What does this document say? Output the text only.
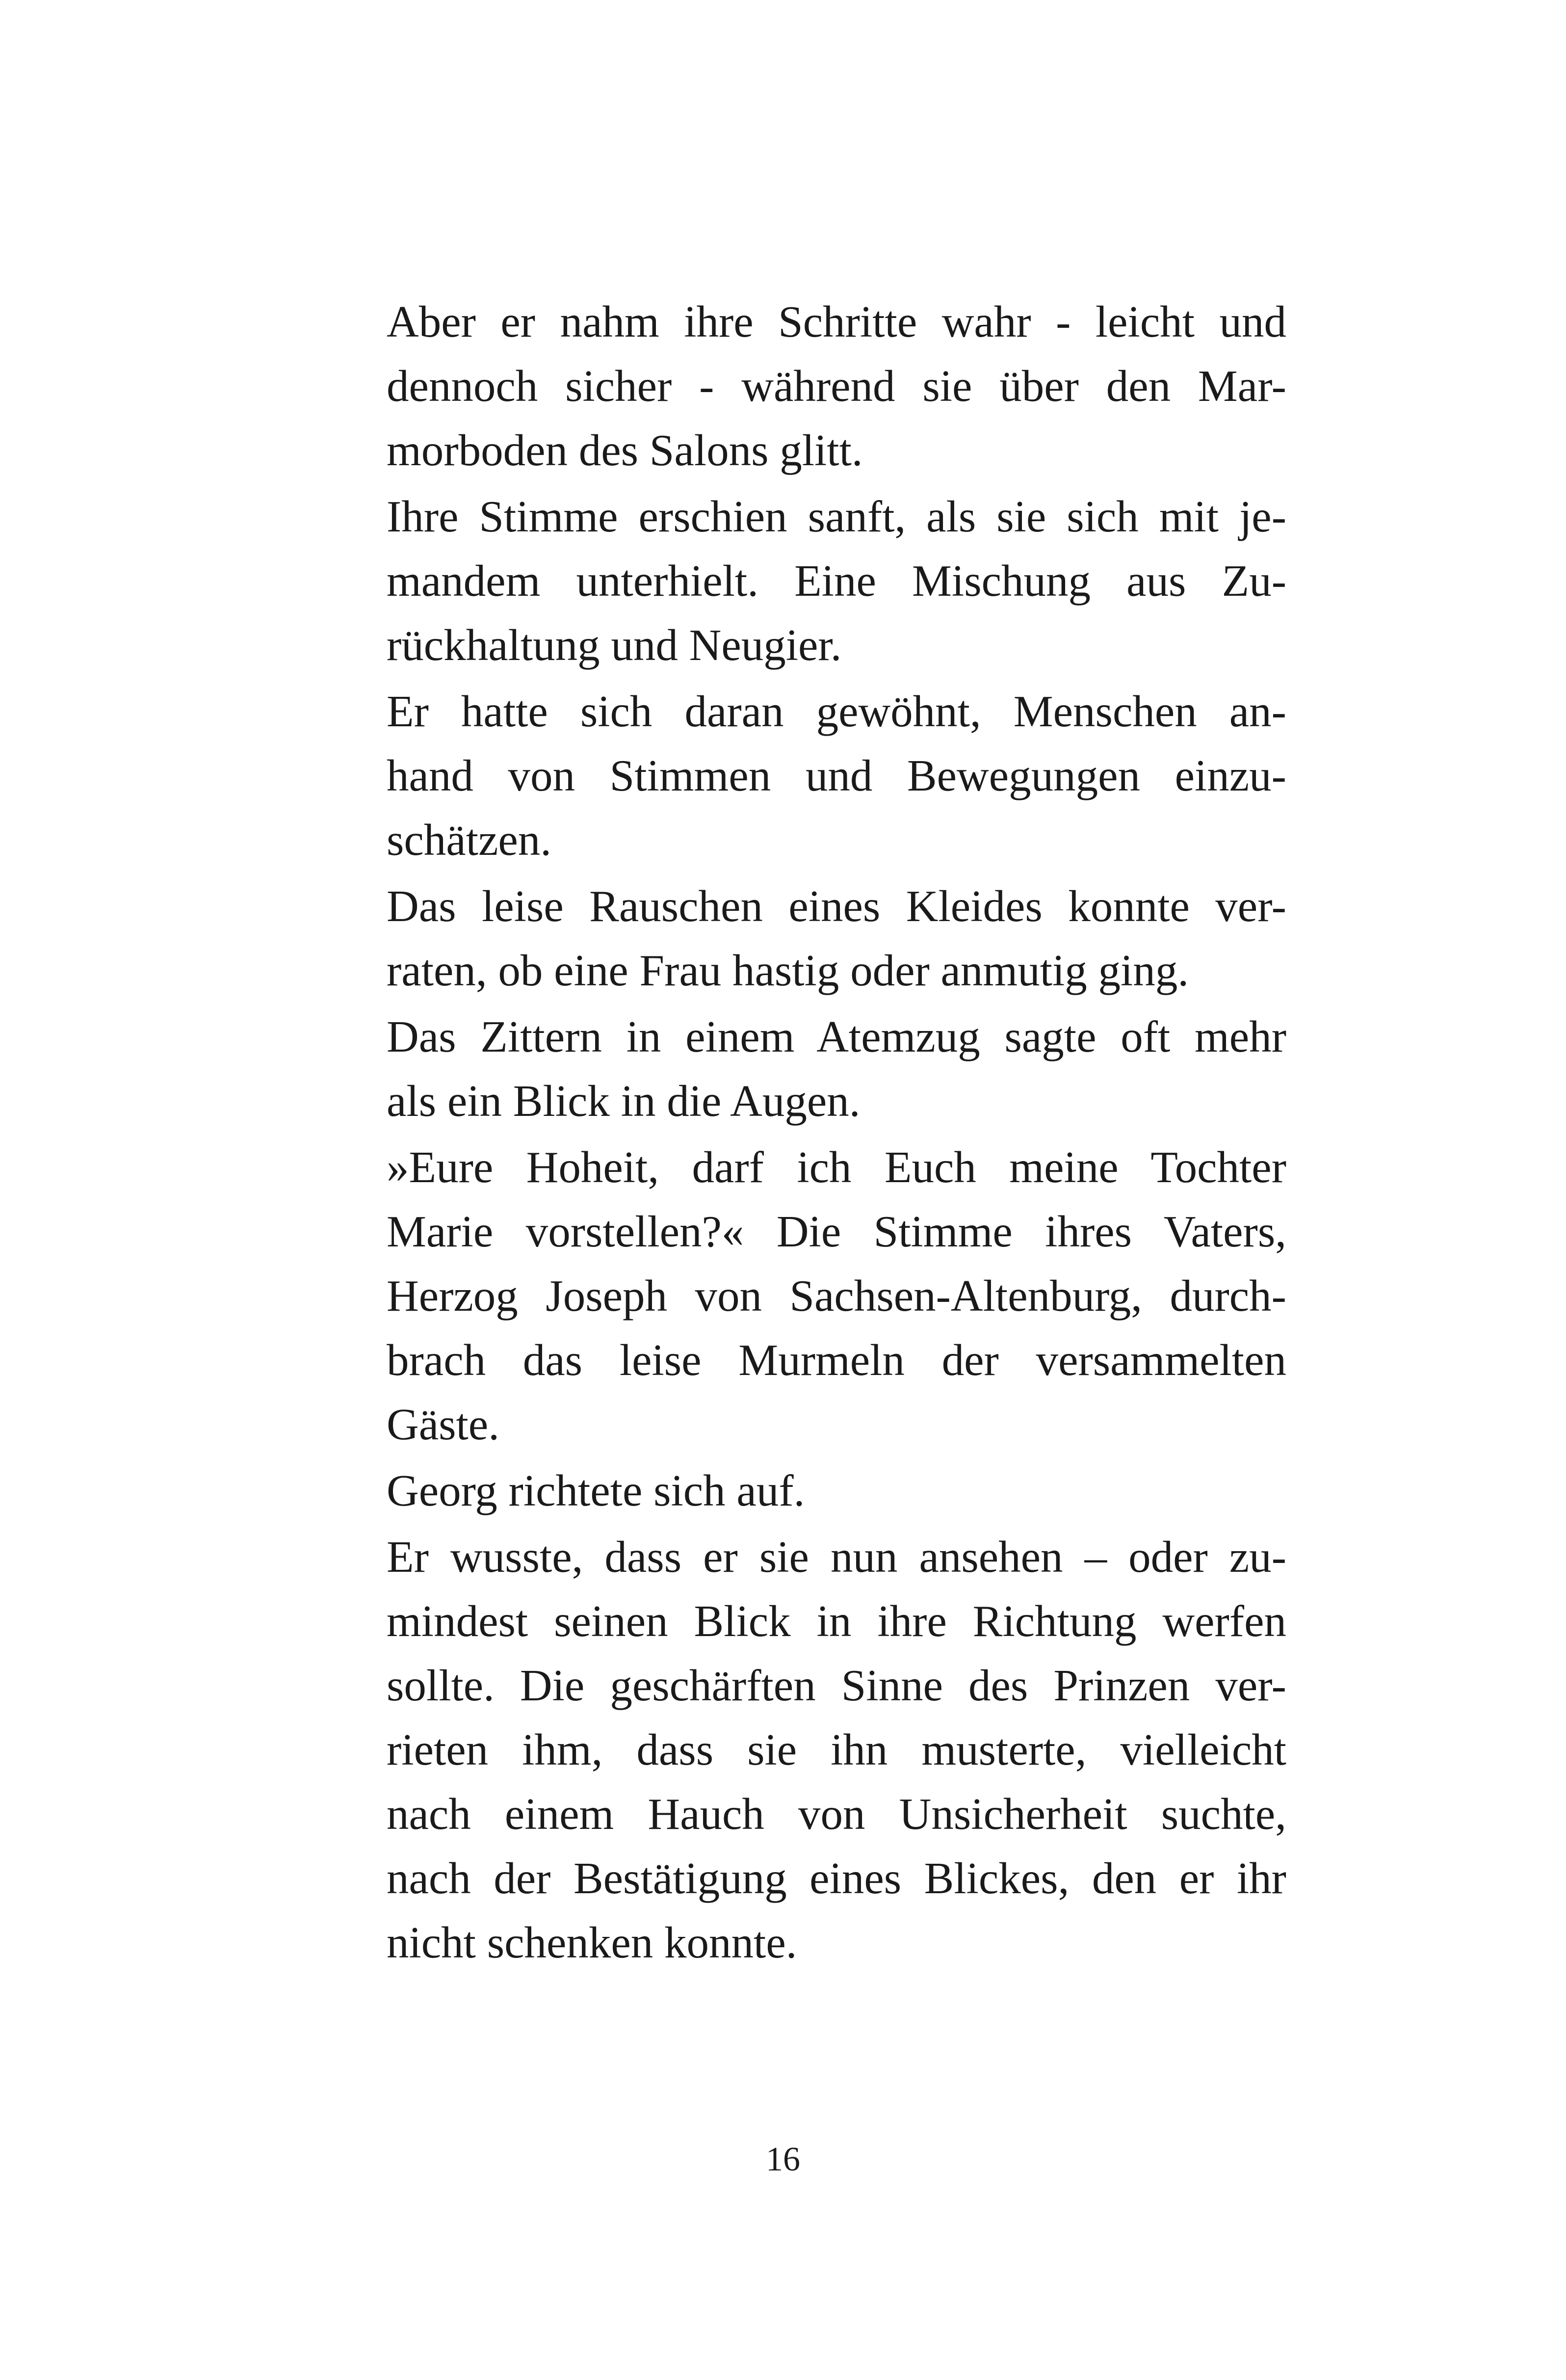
Aber er nahm ihre Schritte wahr - leicht und
dennoch sicher - während sie über den Mar-
morboden des Salons glitt.

Ihre Stimme erschien sanft, als sie sich mit je-
mandem unterhielt. Eine Mischung aus Zu-
rückhaltung und Neugier.

Er hatte sich daran gewöhnt, Menschen an-
hand von Stimmen und Bewegungen einzu-
schätzen.

Das leise Rauschen eines Kleides konnte ver-
raten, ob eine Frau hastig oder anmutig ging.

Das Zittern in einem Atemzug sagte oft mehr
als ein Blick in die Augen.

»Eure Hoheit, darf ich Euch meine Tochter
Marie vorstellen?« Die Stimme ihres Vaters,
Herzog Joseph von Sachsen-Altenburg, durch-
brach das leise Murmeln der versammelten
Gäste.

Georg richtete sich auf.

Er wusste, dass er sie nun ansehen – oder zu-
mindest seinen Blick in ihre Richtung werfen
sollte. Die geschärften Sinne des Prinzen ver-
rieten ihm, dass sie ihn musterte, vielleicht
nach einem Hauch von Unsicherheit suchte,
nach der Bestätigung eines Blickes, den er ihr
nicht schenken konnte.

16
